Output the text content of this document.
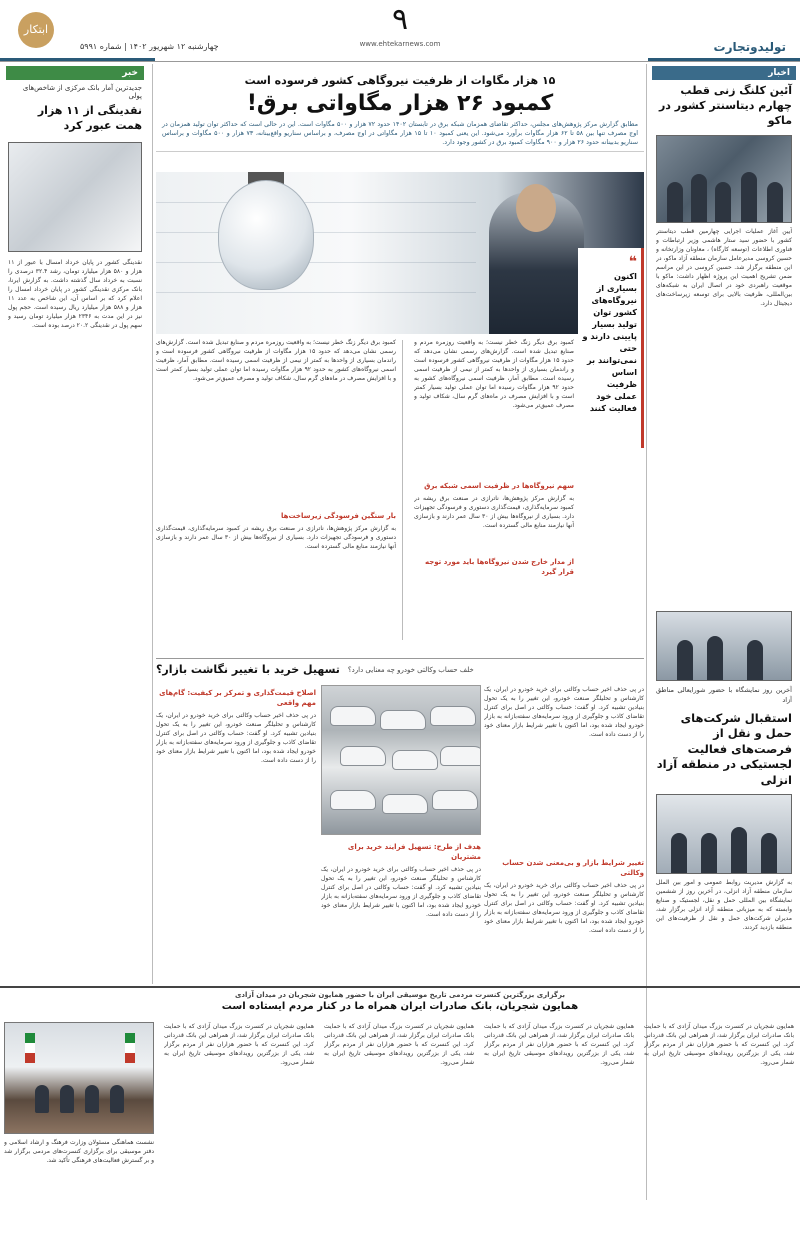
ابتکار
چهارشنبه ۱۲ شهریور ۱۴۰۲ | شماره ۵۹۹۱
۹
www.ehtekarnews.com	تولیدوتجارت
اخبار
آئین کلنگ زنی قطب چهارم دیتاسنتر کشور در ماکو
آیین آغاز عملیات اجرایی چهارمین قطب دیتاسنتر کشور با حضور سید ستار هاشمی وزیر ارتباطات و فناوری اطلاعات (توسعه کارگاه) ، معاونان وزارتخانه و حسین کروسی مدیرعامل سازمان منطقه آزاد ماکو، در این منطقه برگزار شد. حسین کروسی در این مراسم ضمن تشریح اهمیت این پروژه اظهار داشت: ماکو با موقعیت راهبردی خود در اتصال ایران به شبکه‌های بین‌المللی، ظرفیت بالایی برای توسعه زیرساخت‌های دیجیتال دارد.
آخرین روز نمایشگاه با حضور شورایعالی مناطق آزاد
استقبال شرکت‌های حمل و نقل از فرصت‌های فعالیت لجستیکی در منطقه آزاد انزلی
به گزارش مدیریت روابط عمومی و امور بین الملل سازمان منطقه آزاد انزلی، در آخرین روز از ششمین نمایشگاه بین المللی حمل و نقل، لجستیک و صنایع وابسته که به میزبانی منطقه آزاد انزلی برگزار شد، مدیران شرکت‌های حمل و نقل از ظرفیت‌های این منطقه بازدید کردند.
خبر
جدیدترین آمار بانک مرکزی از شاخص‌های پولی
نقدینگی از ۱۱ هزار همت عبور کرد
نقدینگی کشور در پایان خرداد امسال با عبور از ۱۱ هزار و ۵۸۰ هزار میلیارد تومان، رشد ۳۲.۴ درصدی را نسبت به خرداد سال گذشته داشت. به گزارش ایرنا، بانک مرکزی نقدینگی کشور در پایان خرداد امسال را اعلام کرد که بر اساس آن، این شاخص به عدد ۱۱ هزار و ۵۸۸ هزار میلیارد ریال رسیده است. حجم پول نیز در این مدت به ۲۳۴۶ هزار میلیارد تومان رسید و سهم پول در نقدینگی ۲۰.۲ درصد بوده است.
۱۵ هزار مگاوات از ظرفیت نیروگاهی کشور فرسوده است
کمبود ۲۶ هزار مگاواتی برق!
مطابق گزارش مرکز پژوهش‌های مجلس، حداکثر تقاضای همزمان شبکه برق در تابستان ۱۴۰۲ حدود ۷۲ هزار و ۵۰۰ مگاوات است. این در حالی است که حداکثر توان تولید همزمان در اوج مصرف تنها بین ۵۸ تا ۶۲ هزار مگاوات برآورد می‌شود. این یعنی کمبود ۱۰ تا ۱۵ هزار مگاواتی در اوج مصرف، و براساس سناریو واقع‌بینانه، ۷۳ هزار و ۵۰۰ مگاوات و براساس سناریو بدبینانه حدود ۲۶ هزار و ۹۰۰ مگاوات کمبود برق در کشور وجود دارد.
❝
اکنون بسیاری از نیروگاه‌های کشور توان تولید بسیار پایینی دارند و حتی نمی‌توانند بر اساس ظرفیت عملی خود فعالیت کنند
کمبود برق دیگر زنگ خطر نیست؛ به واقعیت روزمره مردم و صنایع تبدیل شده است. گزارش‌های رسمی نشان می‌دهد که حدود ۱۵ هزار مگاوات از ظرفیت نیروگاهی کشور فرسوده است و راندمان بسیاری از واحدها به کمتر از نیمی از ظرفیت اسمی رسیده است. مطابق آمار، ظرفیت اسمی نیروگاه‌های کشور به حدود ۹۲ هزار مگاوات رسیده اما توان عملی تولید بسیار کمتر است و با افزایش مصرف در ماه‌های گرم سال، شکاف تولید و مصرف عمیق‌تر می‌شود.
سهم نیروگاه‌ها در ظرفیت اسمی شبکه برق
به گزارش مرکز پژوهش‌ها، ناترازی در صنعت برق ریشه در کمبود سرمایه‌گذاری، قیمت‌گذاری دستوری و فرسودگی تجهیزات دارد. بسیاری از نیروگاه‌ها بیش از ۳۰ سال عمر دارند و بازسازی آنها نیازمند منابع مالی گسترده است.
از مدار خارج شدن نیروگاه‌ها باید مورد توجه قرار گیرد
کمبود برق دیگر زنگ خطر نیست؛ به واقعیت روزمره مردم و صنایع تبدیل شده است. گزارش‌های رسمی نشان می‌دهد که حدود ۱۵ هزار مگاوات از ظرفیت نیروگاهی کشور فرسوده است و راندمان بسیاری از واحدها به کمتر از نیمی از ظرفیت اسمی رسیده است. مطابق آمار، ظرفیت اسمی نیروگاه‌های کشور به حدود ۹۲ هزار مگاوات رسیده اما توان عملی تولید بسیار کمتر است و با افزایش مصرف در ماه‌های گرم سال، شکاف تولید و مصرف عمیق‌تر می‌شود.
بار سنگین فرسودگی زیرساخت‌ها
به گزارش مرکز پژوهش‌ها، ناترازی در صنعت برق ریشه در کمبود سرمایه‌گذاری، قیمت‌گذاری دستوری و فرسودگی تجهیزات دارد. بسیاری از نیروگاه‌ها بیش از ۳۰ سال عمر دارند و بازسازی آنها نیازمند منابع مالی گسترده است.
خلف حساب وکالتی خودرو چه معنایی دارد؟
تسهیل خرید با تغییر نگاشت بازار؟
در پی حذف اخیر حساب وکالتی برای خرید خودرو در ایران، یک کارشناس و تحلیلگر صنعت خودرو، این تغییر را به یک تحول بنیادین تشبیه کرد. او گفت: حساب وکالتی در اصل برای کنترل تقاضای کاذب و جلوگیری از ورود سرمایه‌های سفته‌بازانه به بازار خودرو ایجاد شده بود، اما اکنون با تغییر شرایط بازار معنای خود را از دست داده است.
تغییر شرایط بازار و بی‌معنی شدن حساب وکالتی
در پی حذف اخیر حساب وکالتی برای خرید خودرو در ایران، یک کارشناس و تحلیلگر صنعت خودرو، این تغییر را به یک تحول بنیادین تشبیه کرد. او گفت: حساب وکالتی در اصل برای کنترل تقاضای کاذب و جلوگیری از ورود سرمایه‌های سفته‌بازانه به بازار خودرو ایجاد شده بود، اما اکنون با تغییر شرایط بازار معنای خود را از دست داده است.
هدف از طرح: تسهیل فرایند خرید برای مشتریان
در پی حذف اخیر حساب وکالتی برای خرید خودرو در ایران، یک کارشناس و تحلیلگر صنعت خودرو، این تغییر را به یک تحول بنیادین تشبیه کرد. او گفت: حساب وکالتی در اصل برای کنترل تقاضای کاذب و جلوگیری از ورود سرمایه‌های سفته‌بازانه به بازار خودرو ایجاد شده بود، اما اکنون با تغییر شرایط بازار معنای خود را از دست داده است.
اصلاح قیمت‌گذاری و تمرکز بر کیفیت: گام‌های مهم واقعی
در پی حذف اخیر حساب وکالتی برای خرید خودرو در ایران، یک کارشناس و تحلیلگر صنعت خودرو، این تغییر را به یک تحول بنیادین تشبیه کرد. او گفت: حساب وکالتی در اصل برای کنترل تقاضای کاذب و جلوگیری از ورود سرمایه‌های سفته‌بازانه به بازار خودرو ایجاد شده بود، اما اکنون با تغییر شرایط بازار معنای خود را از دست داده است.
برگزاری بزرگترین کنسرت مردمی تاریخ موسیقی ایران با حضور همایون شجریان در میدان آزادی
همایون شجریان، بانک صادرات ایران همراه ما در کنار مردم ایستاده است
نشست هماهنگی مسئولان وزارت فرهنگ و ارشاد اسلامی و دفتر موسیقی برای برگزاری کنسرت‌های مردمی برگزار شد و بر گسترش فعالیت‌های فرهنگی تأکید شد.
همایون شجریان در کنسرت بزرگ میدان آزادی که با حمایت بانک صادرات ایران برگزار شد، از همراهی این بانک قدردانی کرد. این کنسرت که با حضور هزاران نفر از مردم برگزار شد، یکی از بزرگترین رویدادهای موسیقی تاریخ ایران به شمار می‌رود.
همایون شجریان در کنسرت بزرگ میدان آزادی که با حمایت بانک صادرات ایران برگزار شد، از همراهی این بانک قدردانی کرد. این کنسرت که با حضور هزاران نفر از مردم برگزار شد، یکی از بزرگترین رویدادهای موسیقی تاریخ ایران به شمار می‌رود.
همایون شجریان در کنسرت بزرگ میدان آزادی که با حمایت بانک صادرات ایران برگزار شد، از همراهی این بانک قدردانی کرد. این کنسرت که با حضور هزاران نفر از مردم برگزار شد، یکی از بزرگترین رویدادهای موسیقی تاریخ ایران به شمار می‌رود.
همایون شجریان در کنسرت بزرگ میدان آزادی که با حمایت بانک صادرات ایران برگزار شد، از همراهی این بانک قدردانی کرد. این کنسرت که با حضور هزاران نفر از مردم برگزار شد، یکی از بزرگترین رویدادهای موسیقی تاریخ ایران به شمار می‌رود.
